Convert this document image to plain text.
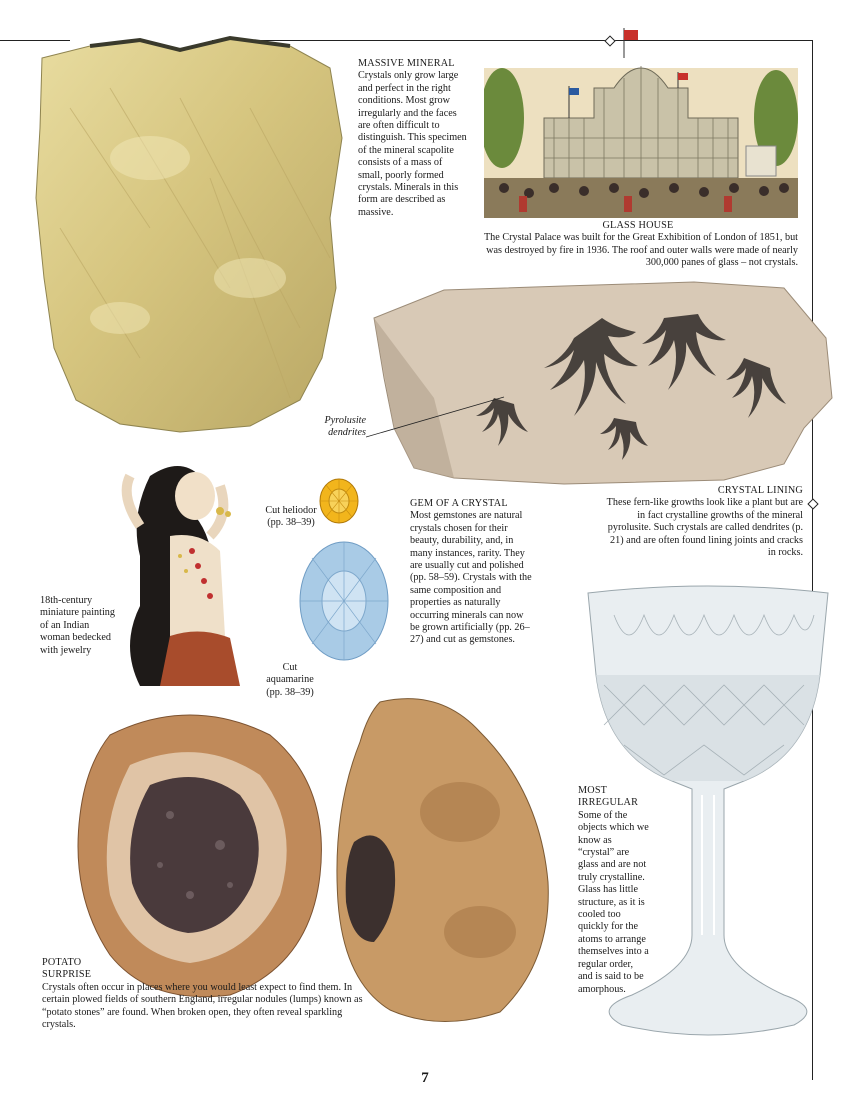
MASSIVE MINERAL
Crystals only grow large and perfect in the right conditions. Most grow irregularly and the faces are often difficult to distinguish. This specimen of the mineral scapolite consists of a mass of small, poorly formed crystals. Minerals in this form are described as massive.
GLASS HOUSE
The Crystal Palace was built for the Great Exhibition of London of 1851, but was destroyed by fire in 1936. The roof and outer walls were made of nearly 300,000 panes of glass – not crystals.
Pyrolusite dendrites
CRYSTAL LINING
These fern-like growths look like a plant but are in fact crystalline growths of the mineral pyrolusite. Such crystals are called dendrites (p. 21) and are often found lining joints and cracks in rocks.
18th-century miniature painting of an Indian woman bedecked with jewelry
Cut heliodor (pp. 38–39)
Cut aquamarine (pp. 38–39)
GEM OF A CRYSTAL
Most gemstones are natural crystals chosen for their beauty, durability, and, in many instances, rarity. They are usually cut and polished (pp. 58–59). Crystals with the same composition and properties as naturally occurring minerals can now be grown artificially (pp. 26–27) and cut as gemstones.
MOST IRREGULAR
Some of the objects which we know as “crystal” are glass and are not truly crystalline. Glass has little structure, as it is cooled too quickly for the atoms to arrange themselves into a regular order, and is said to be amorphous.
POTATO SURPRISE
Crystals often occur in places where you would least expect to find them. In certain plowed fields of southern England, irregular nodules (lumps) known as “potato stones” are found. When broken open, they often reveal sparkling crystals.
7
